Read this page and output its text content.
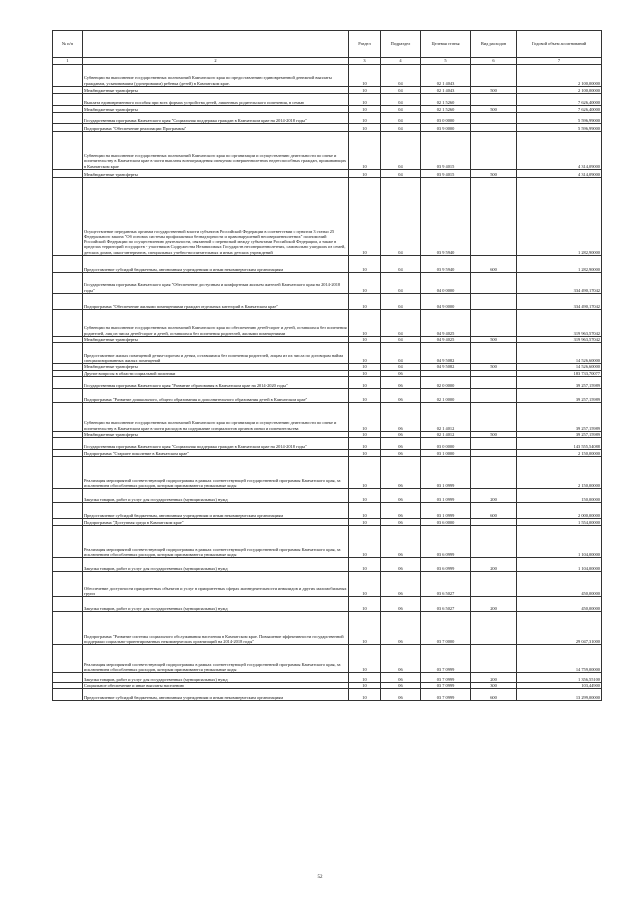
№ п/п		Раздел	Подраздел	Целевая статья	Вид расходов	Годовой объем ассигнований
1	2	3	4	5	6	7
	Субвенции на выполнение государственных полномочий Камчатского края по предоставлению единовременной денежной выплаты гражданам, усыновившим (удочерившим) ребенка (детей) в Камчатском крае.	10	04	02 1 4043		2 100,00000
	Межбюджетные трансферты	10	04	02 1 4043	500	2 100,00000
	Выплата единовременного пособия при всех формах устройства детей, лишенных родительского попечения, в семью	10	04	02 1 5260		7 626,40000
	Межбюджетные трансферты	10	04	02 1 5260	500	7 626,40000
	Государственная программа Камчатского края "Социальная поддержка граждан в Камчатском крае на 2014-2018 годы"	10	04	03 0 0000		5 596,99000
	Подпрограмма "Обеспечение реализации Программы"	10	04	03 9 0000		5 596,99000
	Субвенции на выполнение государственных полномочий Камчатского края по организации и осуществлению деятельности по опеке и попечительству в Камчатском крае в части выплаты вознаграждения опекунам совершеннолетних недееспособных граждан, проживающих в Камчатском крае	10	04	03 9 4015		4 314,09000
	Межбюджетные трансферты	10	04	03 9 4015	500	4 314,09000
	Осуществление переданных органам государственной власти субъектов Российской Федерации в соответствии с пунктом 3 статьи 25 Федерального закона "Об основах системы профилактики безнадзорности и правонарушений несовершеннолетних" полномочий Российской Федерации по осуществлению деятельности, связанной с перевозкой между субъектами Российской Федерации, а также в пределах территорий государств - участников Содружества Независимых Государств несовершеннолетних, самовольно ушедших из семей, детских домов, школ-интернатов, специальных учебно-воспитательных и иных детских учреждений	10	04	03 9 5940		1 282,90000
	Предоставление субсидий бюджетным, автономным учреждениям и иным некоммерческим организациям	10	04	03 9 5940	600	1 282,90000
	Государственная программа Камчатского края "Обеспечение доступным и комфортным жильем жителей Камчатского края на 2014-2018 годы"	10	04	04 0 0000		334 490,17042
	Подпрограмма "Обеспечение жилыми помещениями граждан отдельных категорий в Камчатском крае"	10	04	04 9 0000		334 490,17042
	Субвенции на выполнение государственных полномочий Камчатского края по обеспечению детей-сирот и детей, оставшихся без попечения родителей, лиц из числа детей-сирот и детей, оставшихся без попечения родителей, жилыми помещениями	10	04	04 9 4025		319 963,57042
	Межбюджетные трансферты	10	04	04 9 4025	500	319 963,57042
	Предоставление жилых помещений детям-сиротам и детям, оставшимся без попечения родителей, лицам из их числа по договорам найма специализированных жилых помещений	10	04	04 9 5082		14 526,60000
	Межбюджетные трансферты	10	04	04 9 5082	500	14 526,60000
	Другие вопросы в области социальной политики	10	06			183 733,70077
	Государственная программа Камчатского края "Развитие образования в Камчатском крае на 2014-2020 годы"	10	06	02 0 0000		39 257,15989
	Подпрограмма "Развитие дошкольного, общего образования и дополнительного образования детей в Камчатском крае"	10	06	02 1 0000		39 257,15989
	Субвенции на выполнение государственных полномочий Камчатского края по организации и осуществлению деятельности по опеке и попечительству в Камчатском крае в части расходов на содержание специалистов органов опеки и попечительства	10	06	02 1 4012		39 257,15989
	Межбюджетные трансферты	10	06	02 1 4012	500	39 257,15989
	Государственная программа Камчатского края "Социальная поддержка граждан в Камчатском крае на 2014-2018 годы"	10	06	03 0 0000		143 555,54088
	Подпрограмма "Старшее поколение в Камчатском крае"	10	06	03 1 0000		2 150,00000
	Реализация мероприятий соответствующей подпрограммы в рамках соответствующей государственной программы Камчатского края, за исключением обособленных расходов, которым присваиваются уникальные коды	10	06	03 1 0999		2 150,00000
	Закупка товаров, работ и услуг для государственных (муниципальных) нужд	10	06	03 1 0999	200	150,00000
	Предоставление субсидий бюджетным, автономным учреждениям и иным некоммерческим организациям	10	06	03 1 0999	600	2 000,00000
	Подпрограмма "Доступная среда в Камчатском крае"	10	06	03 6 0000		1 554,00000
	Реализация мероприятий соответствующей подпрограммы в рамках соответствующей государственной программы Камчатского края, за исключением обособленных расходов, которым присваиваются уникальные коды	10	06	03 6 0999		1 104,00000
	Закупка товаров, работ и услуг для государственных (муниципальных) нужд	10	06	03 6 0999	200	1 104,00000
	Обеспечение доступности приоритетных объектов и услуг в приоритетных сферах жизнедеятельности инвалидов и других маломобильных групп	10	06	03 6 5027		450,00000
	Закупка товаров, работ и услуг для государственных (муниципальных) нужд	10	06	03 6 5027	200	450,00000
	Подпрограмма "Развитие системы социального обслуживания населения в Камчатском крае. Повышение эффективности государственной поддержки социально-ориентированных некоммерческих организаций на 2014-2018 годы"	10	06	03 7 0000		29 047,31000
	Реализация мероприятий соответствующей подпрограммы в рамках соответствующей государственной программы Камчатского края, за исключением обособленных расходов, которым присваиваются уникальные коды	10	06	03 7 0999		14 759,00000
	Закупка товаров, работ и услуг для государственных (муниципальных) нужд	10	06	03 7 0999	200	1 356,55100
	Социальное обеспечение и иные выплаты населению	10	06	03 7 0999	300	103,44900
	Предоставление субсидий бюджетным, автономным учреждениям и иным некоммерческим организациям	10	06	03 7 0999	600	13 299,00000
52
